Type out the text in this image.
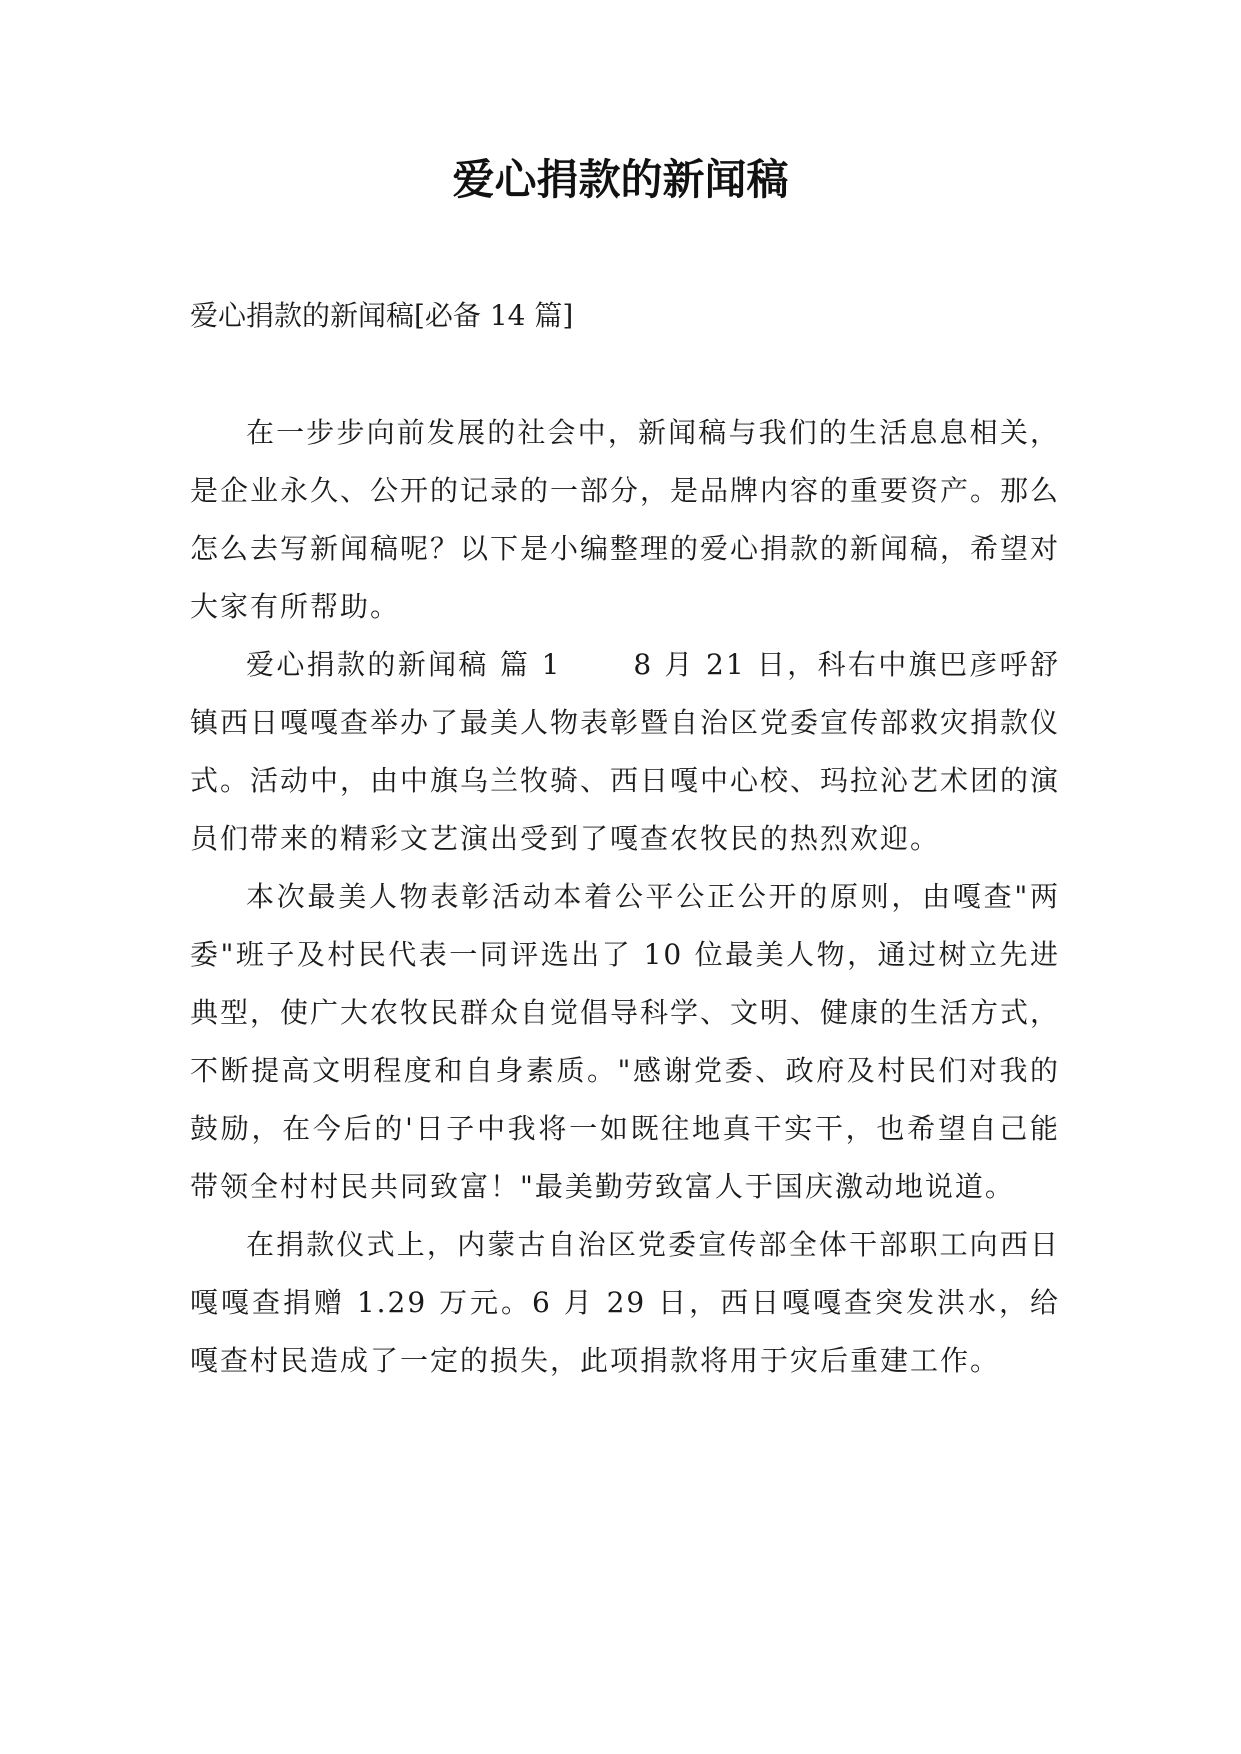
爱心捐款的新闻稿

爱心捐款的新闻稿[必备 14 篇]

在一步步向前发展的社会中，新闻稿与我们的生活息息相关，是企业永久、公开的记录的一部分，是品牌内容的重要资产。那么怎么去写新闻稿呢？以下是小编整理的爱心捐款的新闻稿，希望对大家有所帮助。

爱心捐款的新闻稿 篇 1 　　8 月 21 日，科右中旗巴彦呼舒镇西日嘎嘎查举办了最美人物表彰暨自治区党委宣传部救灾捐款仪式。活动中，由中旗乌兰牧骑、西日嘎中心校、玛拉沁艺术团的演员们带来的精彩文艺演出受到了嘎查农牧民的热烈欢迎。

本次最美人物表彰活动本着公平公正公开的原则，由嘎查"两委"班子及村民代表一同评选出了 10 位最美人物，通过树立先进典型，使广大农牧民群众自觉倡导科学、文明、健康的生活方式，不断提高文明程度和自身素质。"感谢党委、政府及村民们对我的鼓励，在今后的'日子中我将一如既往地真干实干，也希望自己能带领全村村民共同致富！"最美勤劳致富人于国庆激动地说道。

在捐款仪式上，内蒙古自治区党委宣传部全体干部职工向西日嘎嘎查捐赠 1.29 万元。6 月 29 日，西日嘎嘎查突发洪水，给嘎查村民造成了一定的损失，此项捐款将用于灾后重建工作。
